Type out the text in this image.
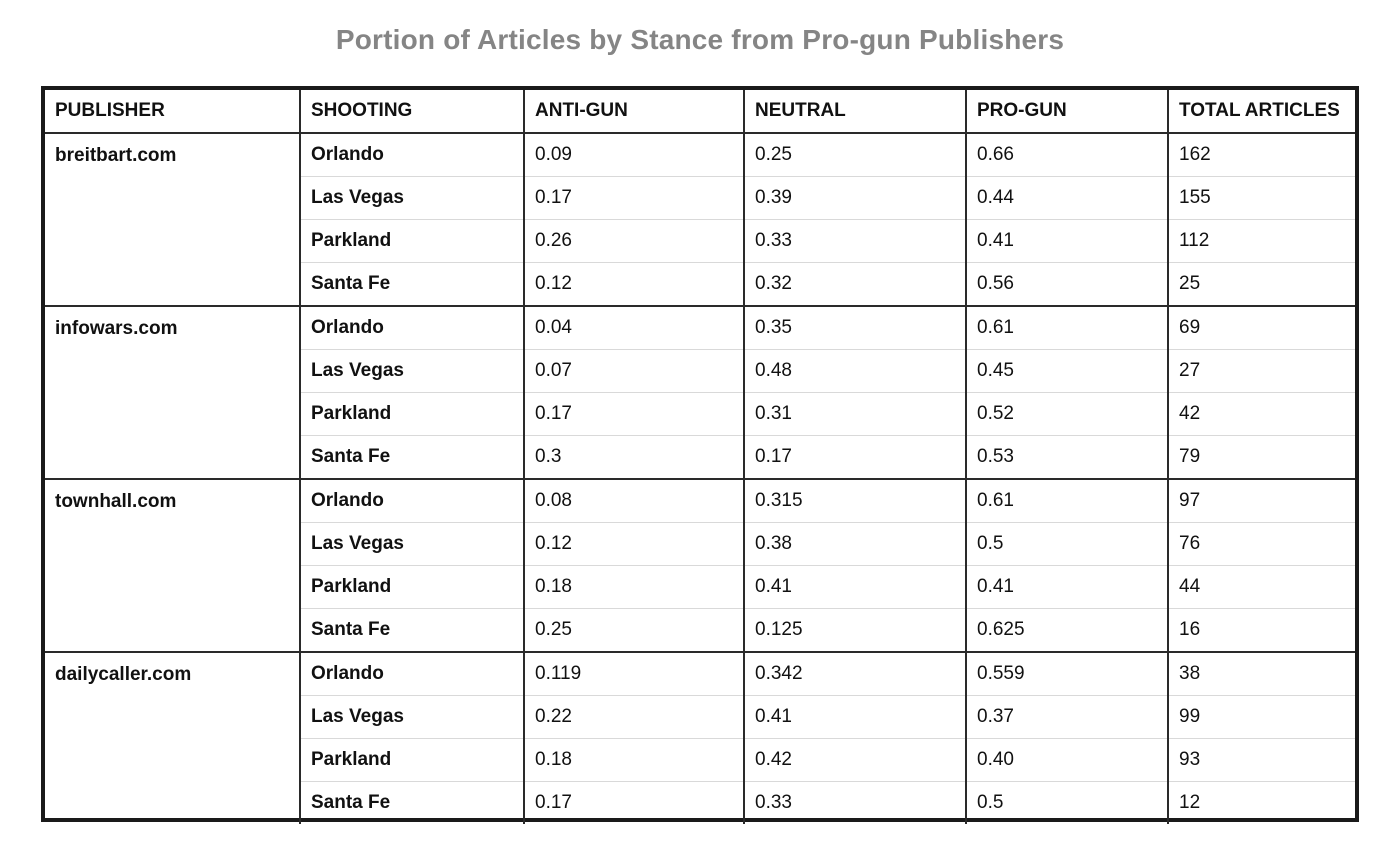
Portion of Articles by Stance from Pro-gun Publishers
PUBLISHER	SHOOTING	ANTI-GUN	NEUTRAL	PRO-GUN	TOTAL ARTICLES
breitbart.com	Orlando	0.09	0.25	0.66	162
	Las Vegas	0.17	0.39	0.44	155
	Parkland	0.26	0.33	0.41	112
	Santa Fe	0.12	0.32	0.56	25
infowars.com	Orlando	0.04	0.35	0.61	69
	Las Vegas	0.07	0.48	0.45	27
	Parkland	0.17	0.31	0.52	42
	Santa Fe	0.3	0.17	0.53	79
townhall.com	Orlando	0.08	0.315	0.61	97
	Las Vegas	0.12	0.38	0.5	76
	Parkland	0.18	0.41	0.41	44
	Santa Fe	0.25	0.125	0.625	16
dailycaller.com	Orlando	0.119	0.342	0.559	38
	Las Vegas	0.22	0.41	0.37	99
	Parkland	0.18	0.42	0.40	93
	Santa Fe	0.17	0.33	0.5	12
